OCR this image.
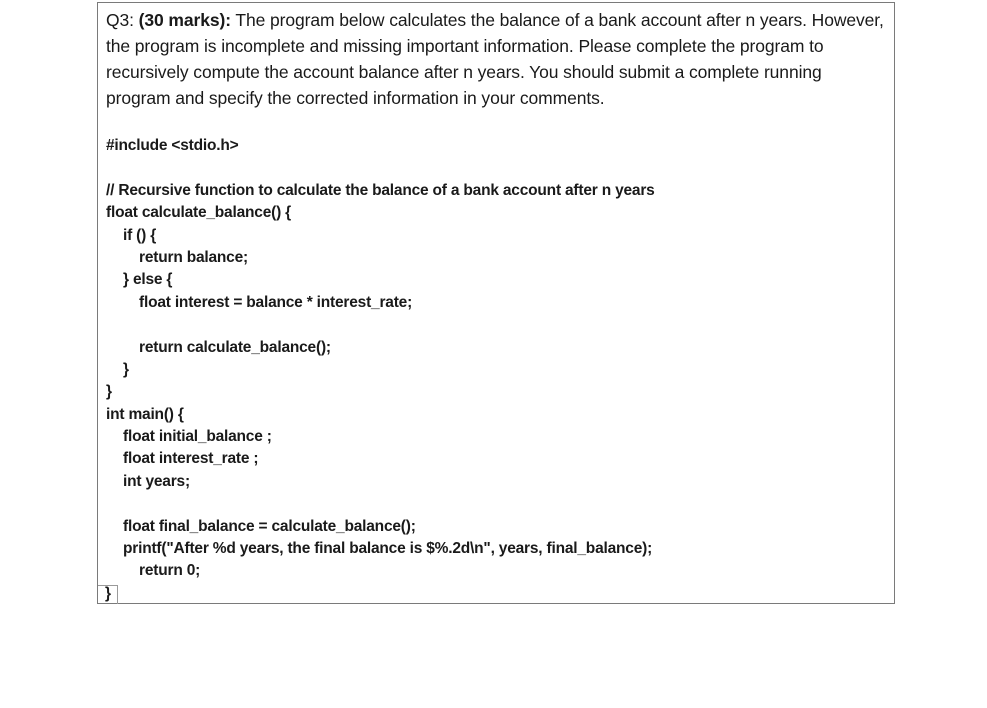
Q3: (30 marks): The program below calculates the balance of a bank account after n years. However, the program is incomplete and missing important information. Please complete the program to recursively compute the account balance after n years. You should submit a complete running program and specify the corrected information in your comments.

#include <stdio.h>
// Recursive function to calculate the balance of a bank account after n years
float calculate_balance() {
if () {
return balance;
} else {
float interest = balance * interest_rate;
return calculate_balance();
}
}
int main() {
float initial_balance ;
float interest_rate ;
int years;
float final_balance = calculate_balance();
printf("After %d years, the final balance is $%.2d\n", years, final_balance);
return 0;
}
